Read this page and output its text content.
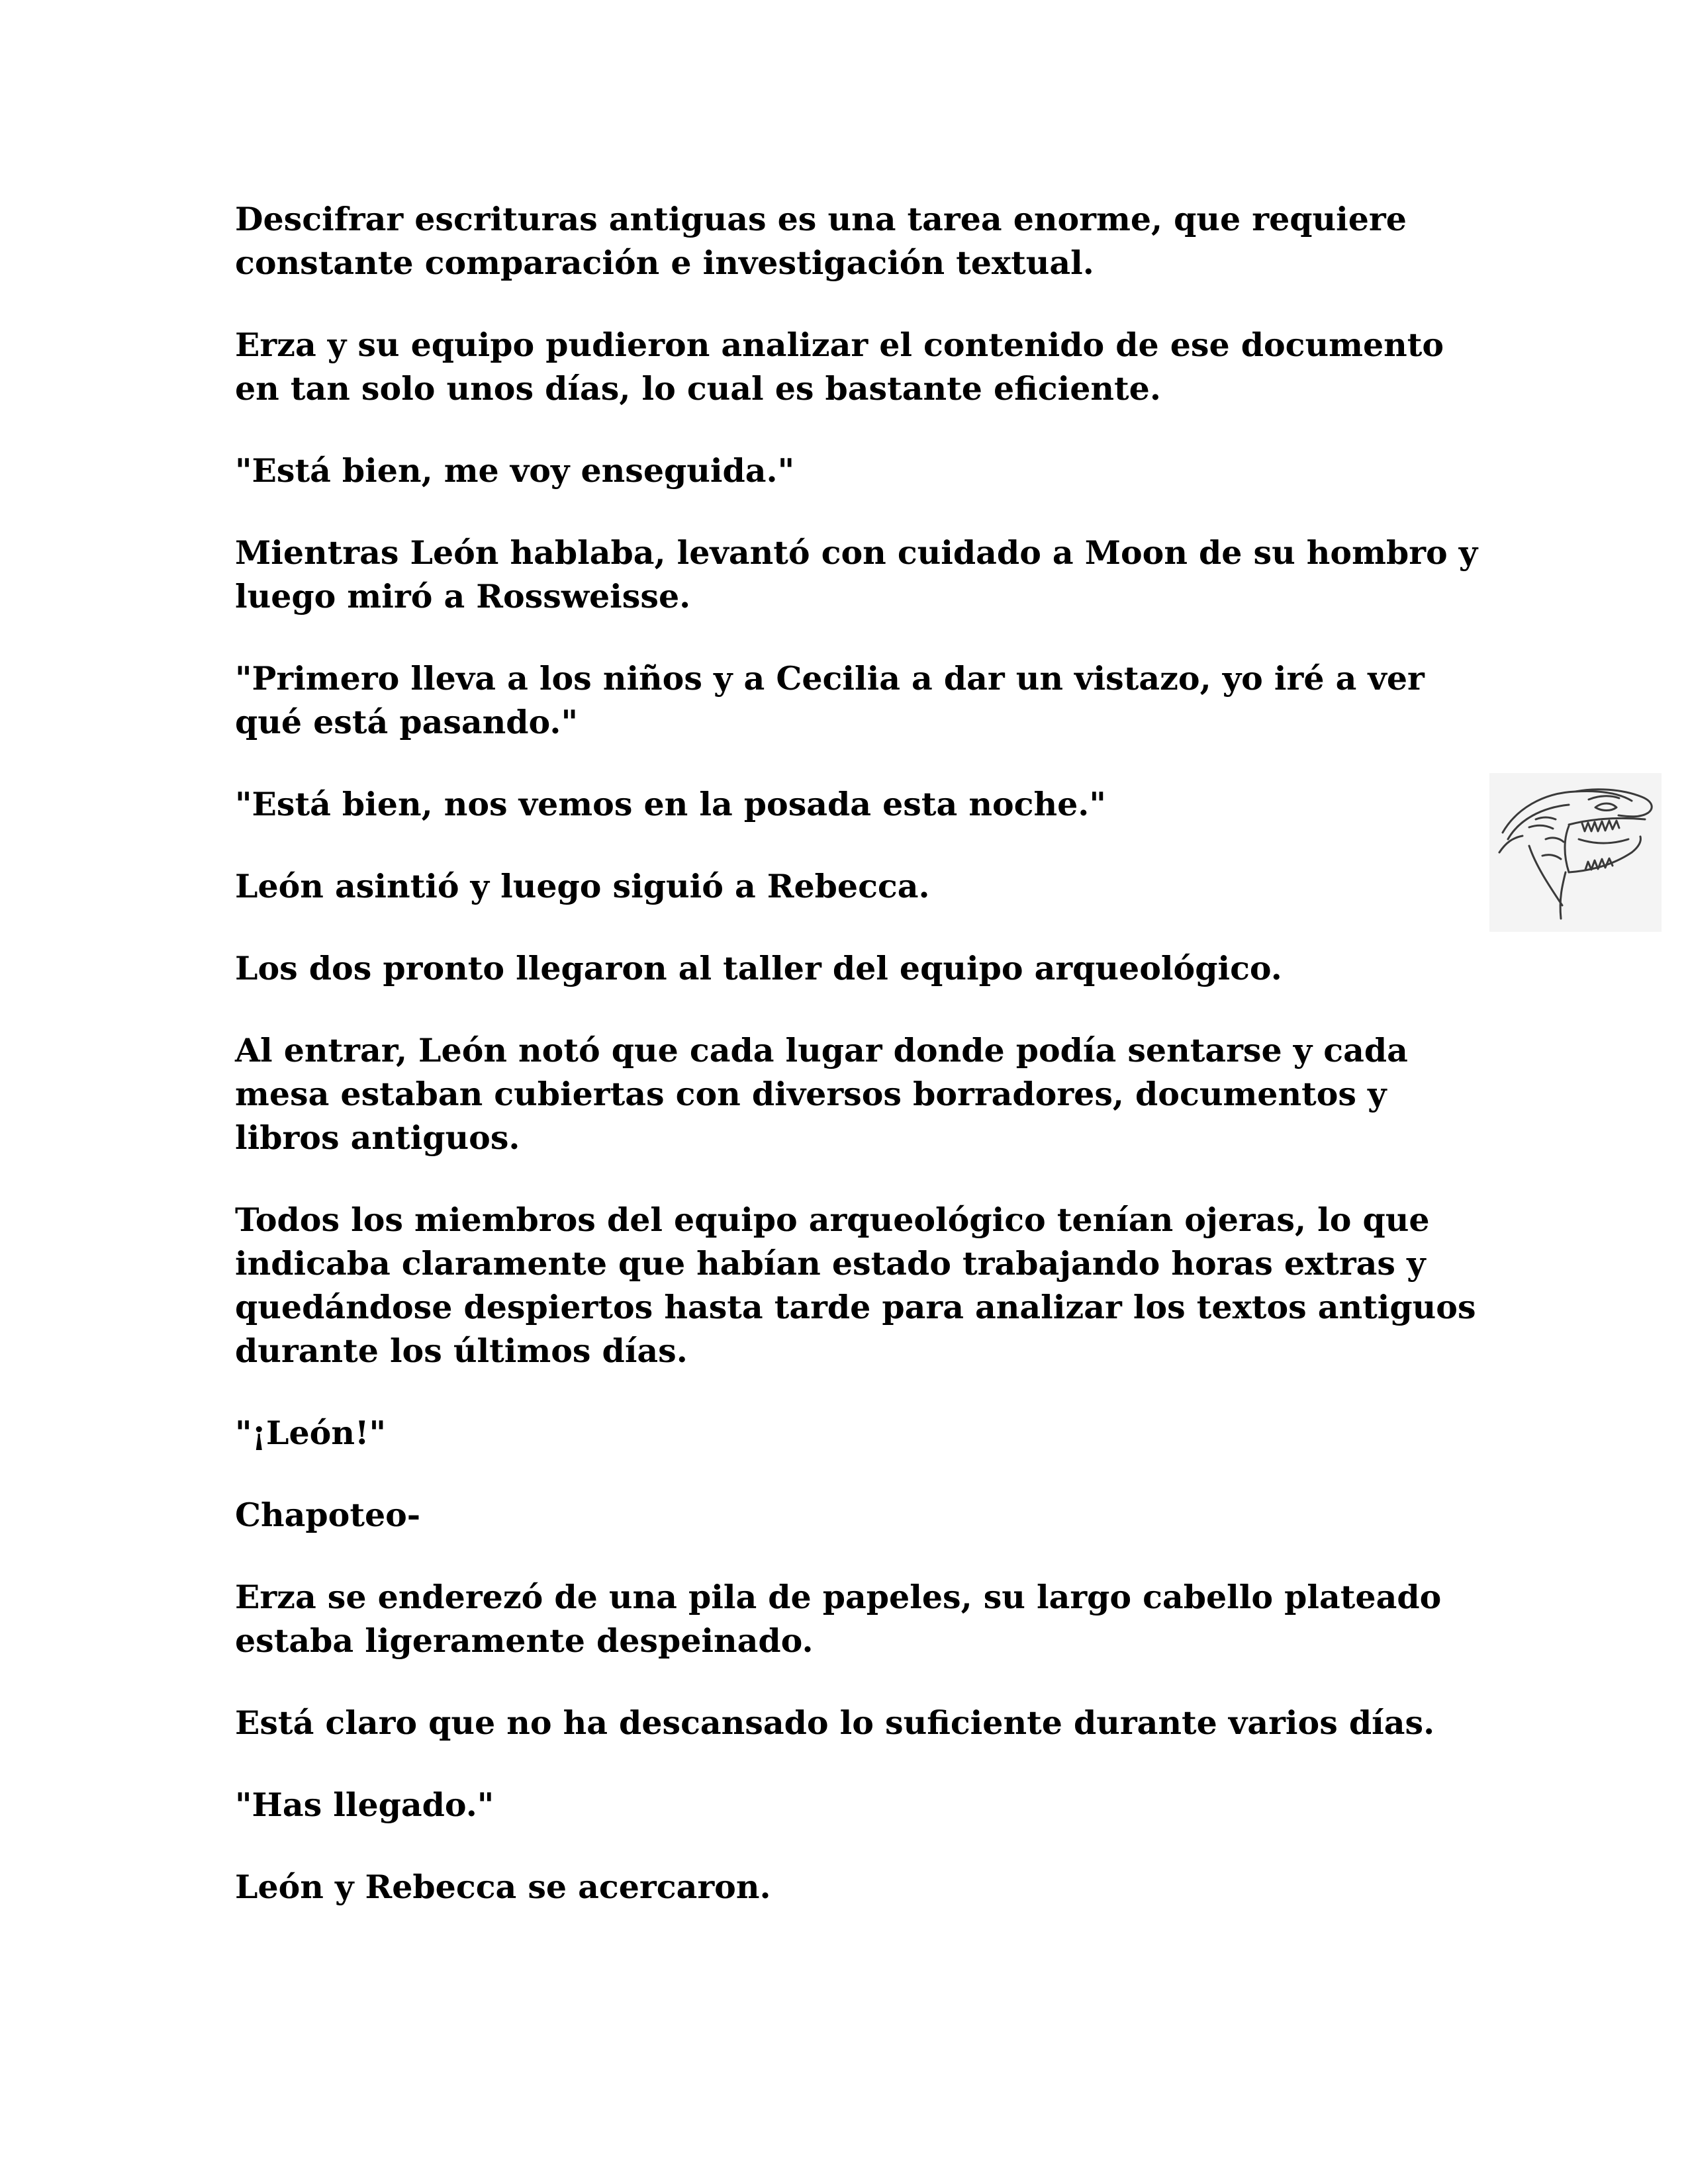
Descifrar escrituras antiguas es una tarea enorme, que requiere constante comparación e investigación textual.

Erza y su equipo pudieron analizar el contenido de ese documento en tan solo unos días, lo cual es bastante eficiente.

"Está bien, me voy enseguida."

Mientras León hablaba, levantó con cuidado a Moon de su hombro y luego miró a Rossweisse.

"Primero lleva a los niños y a Cecilia a dar un vistazo, yo iré a ver qué está pasando."

"Está bien, nos vemos en la posada esta noche."

León asintió y luego siguió a Rebecca.

Los dos pronto llegaron al taller del equipo arqueológico.

Al entrar, León notó que cada lugar donde podía sentarse y cada mesa estaban cubiertas con diversos borradores, documentos y libros antiguos.

Todos los miembros del equipo arqueológico tenían ojeras, lo que indicaba claramente que habían estado trabajando horas extras y quedándose despiertos hasta tarde para analizar los textos antiguos durante los últimos días.

"¡León!"

Chapoteo-

Erza se enderezó de una pila de papeles, su largo cabello plateado estaba ligeramente despeinado.

Está claro que no ha descansado lo suficiente durante varios días.

"Has llegado."

León y Rebecca se acercaron.
